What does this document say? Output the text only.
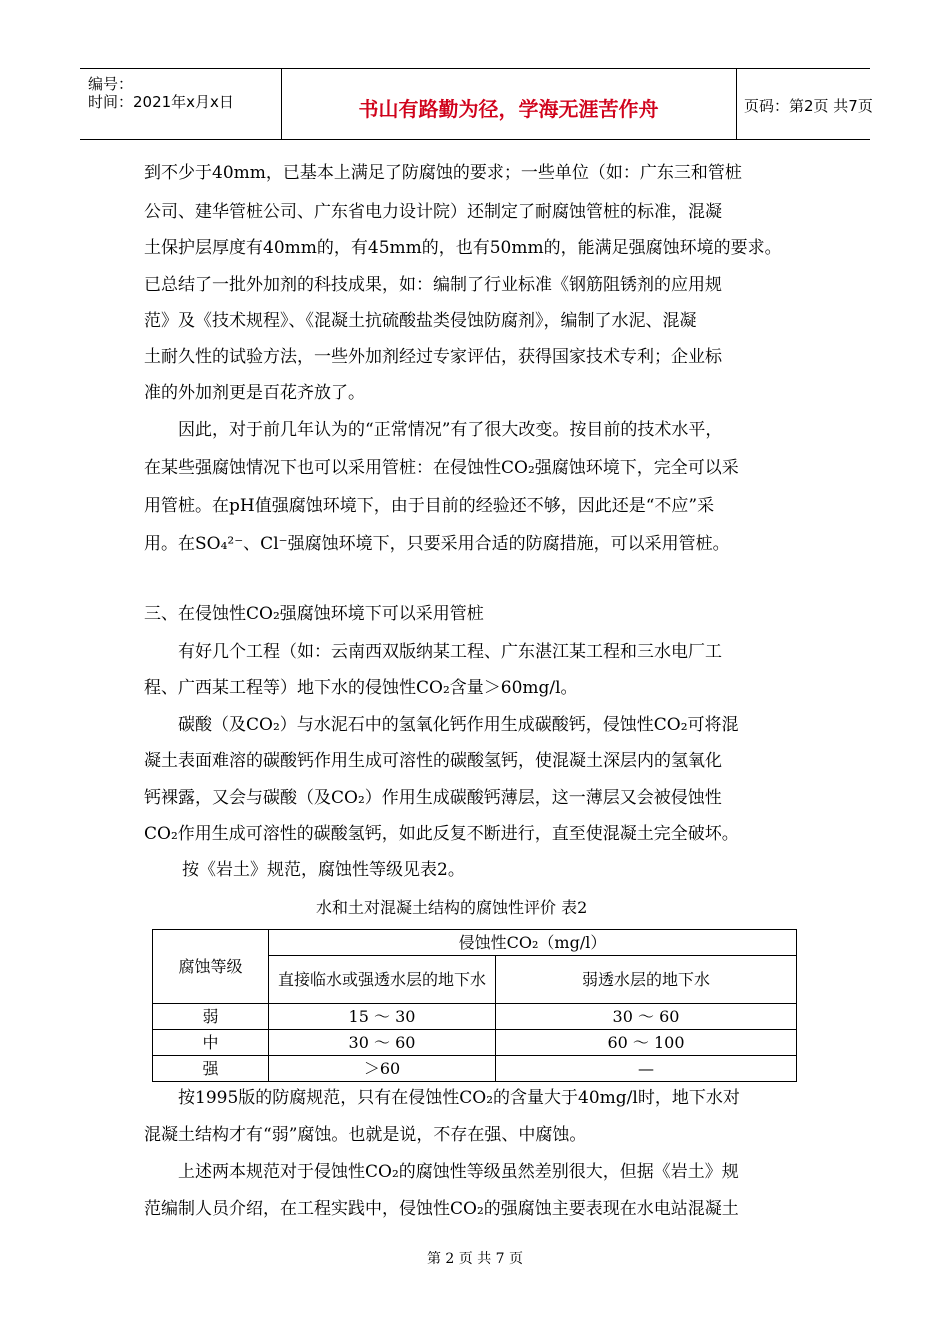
编号：
时间：2021年x月x日	书山有路勤为径，学海无涯苦作舟	页码：第2页 共7页
到不少于40mm，已基本上满足了防腐蚀的要求；一些单位（如：广东三和管桩
公司、建华管桩公司、广东省电力设计院）还制定了耐腐蚀管桩的标准，混凝
土保护层厚度有40mm的，有45mm的，也有50mm的，能满足强腐蚀环境的要求。
已总结了一批外加剂的科技成果，如：编制了行业标准《钢筋阻锈剂的应用规
范》及《技术规程》、《混凝土抗硫酸盐类侵蚀防腐剂》，编制了水泥、混凝
土耐久性的试验方法，一些外加剂经过专家评估，获得国家技术专利；企业标
准的外加剂更是百花齐放了。
因此，对于前几年认为的“正常情况”有了很大改变。按目前的技术水平，
在某些强腐蚀情况下也可以采用管桩：在侵蚀性CO₂强腐蚀环境下，完全可以采
用管桩。在pH值强腐蚀环境下，由于目前的经验还不够，因此还是“不应”采
用。在SO₄²⁻、Cl⁻强腐蚀环境下，只要采用合适的防腐措施，可以采用管桩。
三、在侵蚀性CO₂强腐蚀环境下可以采用管桩
有好几个工程（如：云南西双版纳某工程、广东湛江某工程和三水电厂工
程、广西某工程等）地下水的侵蚀性CO₂含量＞60mg/l。
碳酸（及CO₂）与水泥石中的氢氧化钙作用生成碳酸钙，侵蚀性CO₂可将混
凝土表面难溶的碳酸钙作用生成可溶性的碳酸氢钙，使混凝土深层内的氢氧化
钙裸露，又会与碳酸（及CO₂）作用生成碳酸钙薄层，这一薄层又会被侵蚀性
CO₂作用生成可溶性的碳酸氢钙，如此反复不断进行，直至使混凝土完全破坏。
按《岩土》规范，腐蚀性等级见表2。
水和土对混凝土结构的腐蚀性评价 表2
腐蚀等级	侵蚀性CO₂（mg/l）	
	直接临水或强透水层的地下水	弱透水层的地下水
弱	15 ～ 30	30 ～ 60
中	30 ～ 60	60 ～ 100
强	＞60	—
按1995版的防腐规范，只有在侵蚀性CO₂的含量大于40mg/l时，地下水对
混凝土结构才有“弱”腐蚀。也就是说，不存在强、中腐蚀。
上述两本规范对于侵蚀性CO₂的腐蚀性等级虽然差别很大，但据《岩土》规
范编制人员介绍，在工程实践中，侵蚀性CO₂的强腐蚀主要表现在水电站混凝土
第 2 页 共 7 页
